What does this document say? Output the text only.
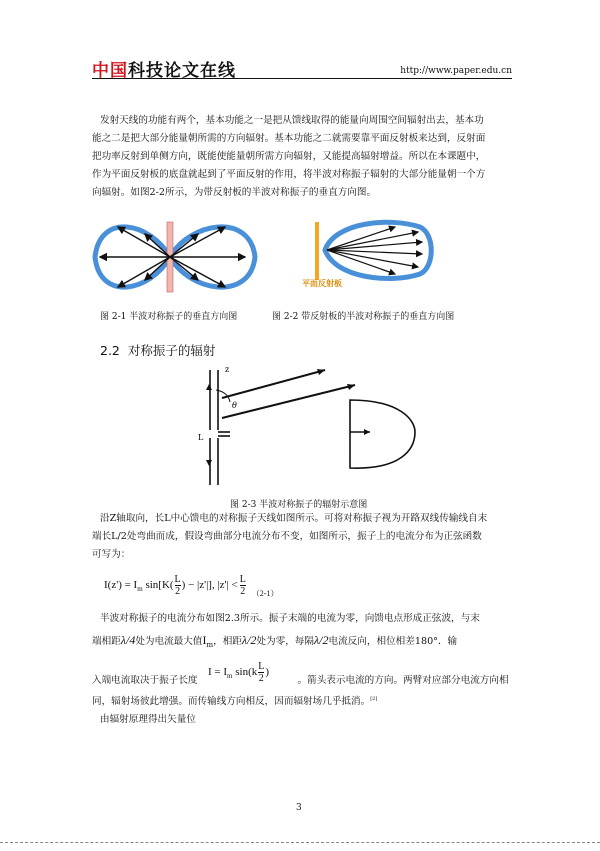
中国科技论文在线	http://www.paper.edu.cn
发射天线的功能有两个，基本功能之一是把从馈线取得的能量向周围空间辐射出去，基本功
能之二是把大部分能量朝所需的方向辐射。基本功能之二就需要靠平面反射板来达到，反射面
把功率反射到单侧方向，既能使能量朝所需方向辐射，又能提高辐射增益。所以在本课题中，
作为平面反射板的底盘就起到了平面反射的作用，将半波对称振子辐射的大部分能量朝一个方
向辐射。如图2-2所示，为带反射板的半波对称振子的垂直方向图。
平面反射板
图 2-1 半波对称振子的垂直方向图	图 2-2 带反射板的半波对称振子的垂直方向图
2.2 对称振子的辐射
z
θ
L
图 2-3 半波对称振子的辐射示意图
沿Z轴取向，长L中心馈电的对称振子天线如图所示。可将对称振子视为开路双线传输线自末
端长L/2处弯曲而成，假设弯曲部分电流分布不变，如图所示，振子上的电流分布为正弦函数
可写为：
$I(z') = I_m$ $\sin[K( \frac{L}{2}$ ) − |z'|], $|z'| < \frac{L}{2} _{(2-1)}$
半波对称振子的电流分布如图2.3所示。振子末端的电流为零，向馈电点形成正弦波，与末
端相距λ/4处为电流最大值$I_m$，相距λ/2处为零，每隔λ/2电流反向，相位相差180°．输
$I = I_m$ $\sin(k \frac{L}{2}$ )
入端电流取决于振子长度	。箭头表示电流的方向。两臂对应部分电流方向相
同，辐射场彼此增强。而传输线方向相反，因而辐射场几乎抵消。[2]
由辐射原理得出矢量位
3
